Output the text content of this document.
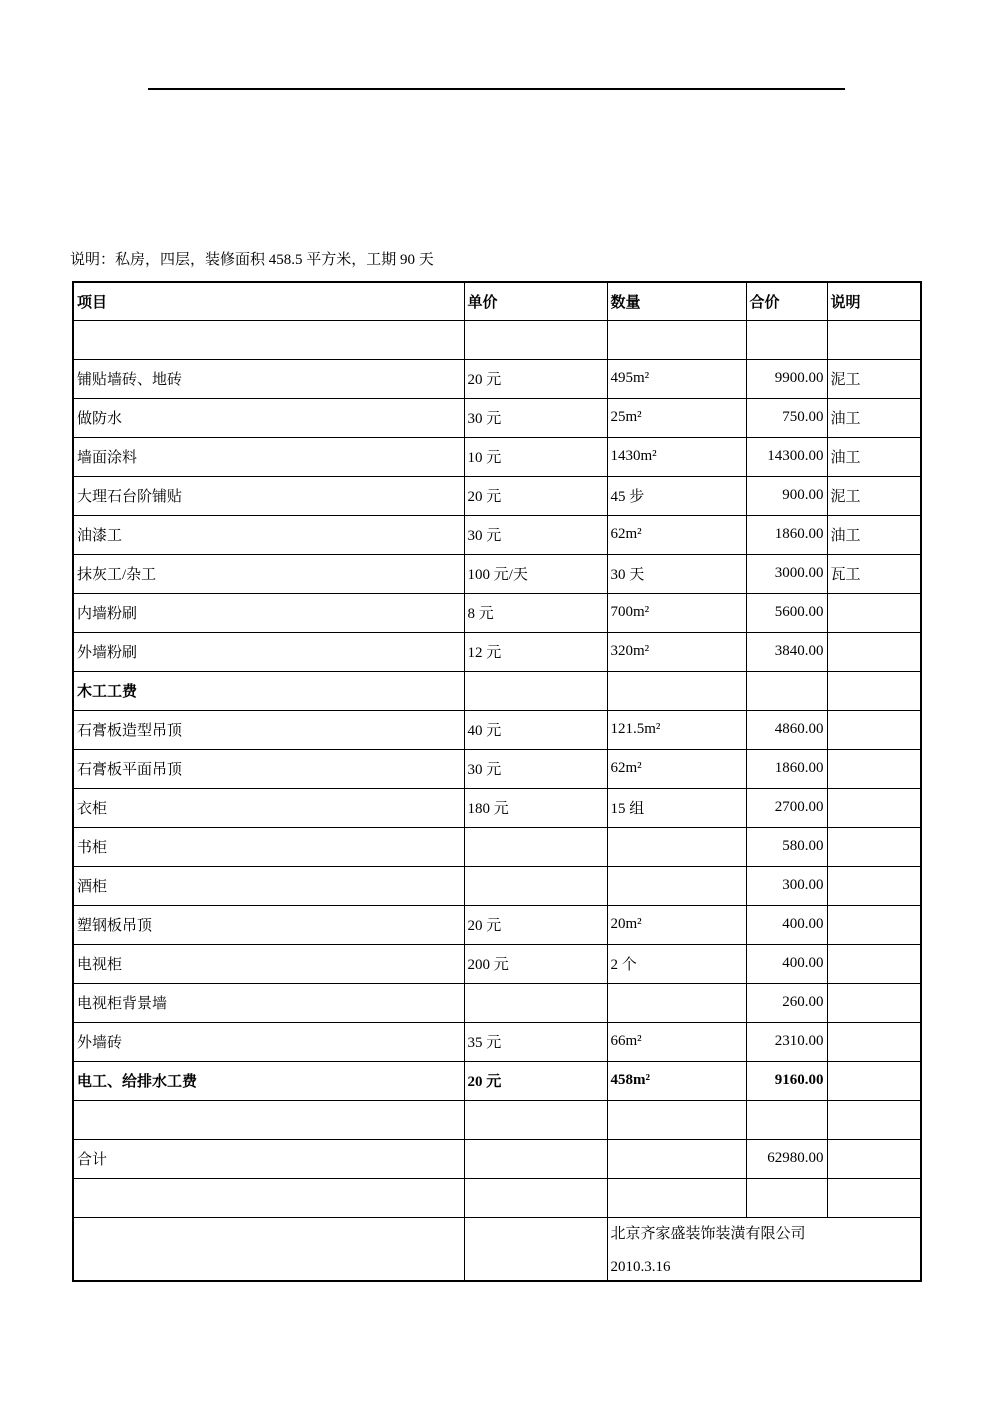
说明：私房，四层，装修面积 458.5 平方米，工期 90 天
项目	单价	数量	合价	说明

铺贴墙砖、地砖	20 元	495m²	9900.00	泥工
做防水	30 元	25m²	750.00	油工
墙面涂料	10 元	1430m²	14300.00	油工
大理石台阶铺贴	20 元	45 步	900.00	泥工
油漆工	30 元	62m²	1860.00	油工
抹灰工/杂工	100 元/天	30 天	3000.00	瓦工
内墙粉刷	8 元	700m²	5600.00	
外墙粉刷	12 元	320m²	3840.00	
木工工费				
石膏板造型吊顶	40 元	121.5m²	4860.00	
石膏板平面吊顶	30 元	62m²	1860.00	
衣柜	180 元	15 组	2700.00	
书柜			580.00	
酒柜			300.00	
塑钢板吊顶	20 元	20m²	400.00	
电视柜	200 元	2 个	400.00	
电视柜背景墙			260.00	
外墙砖	35 元	66m²	2310.00	
电工、给排水工费	20 元	458m²	9160.00	

合计			62980.00	

		北京齐家盛装饰装潢有限公司
2010.3.16		
